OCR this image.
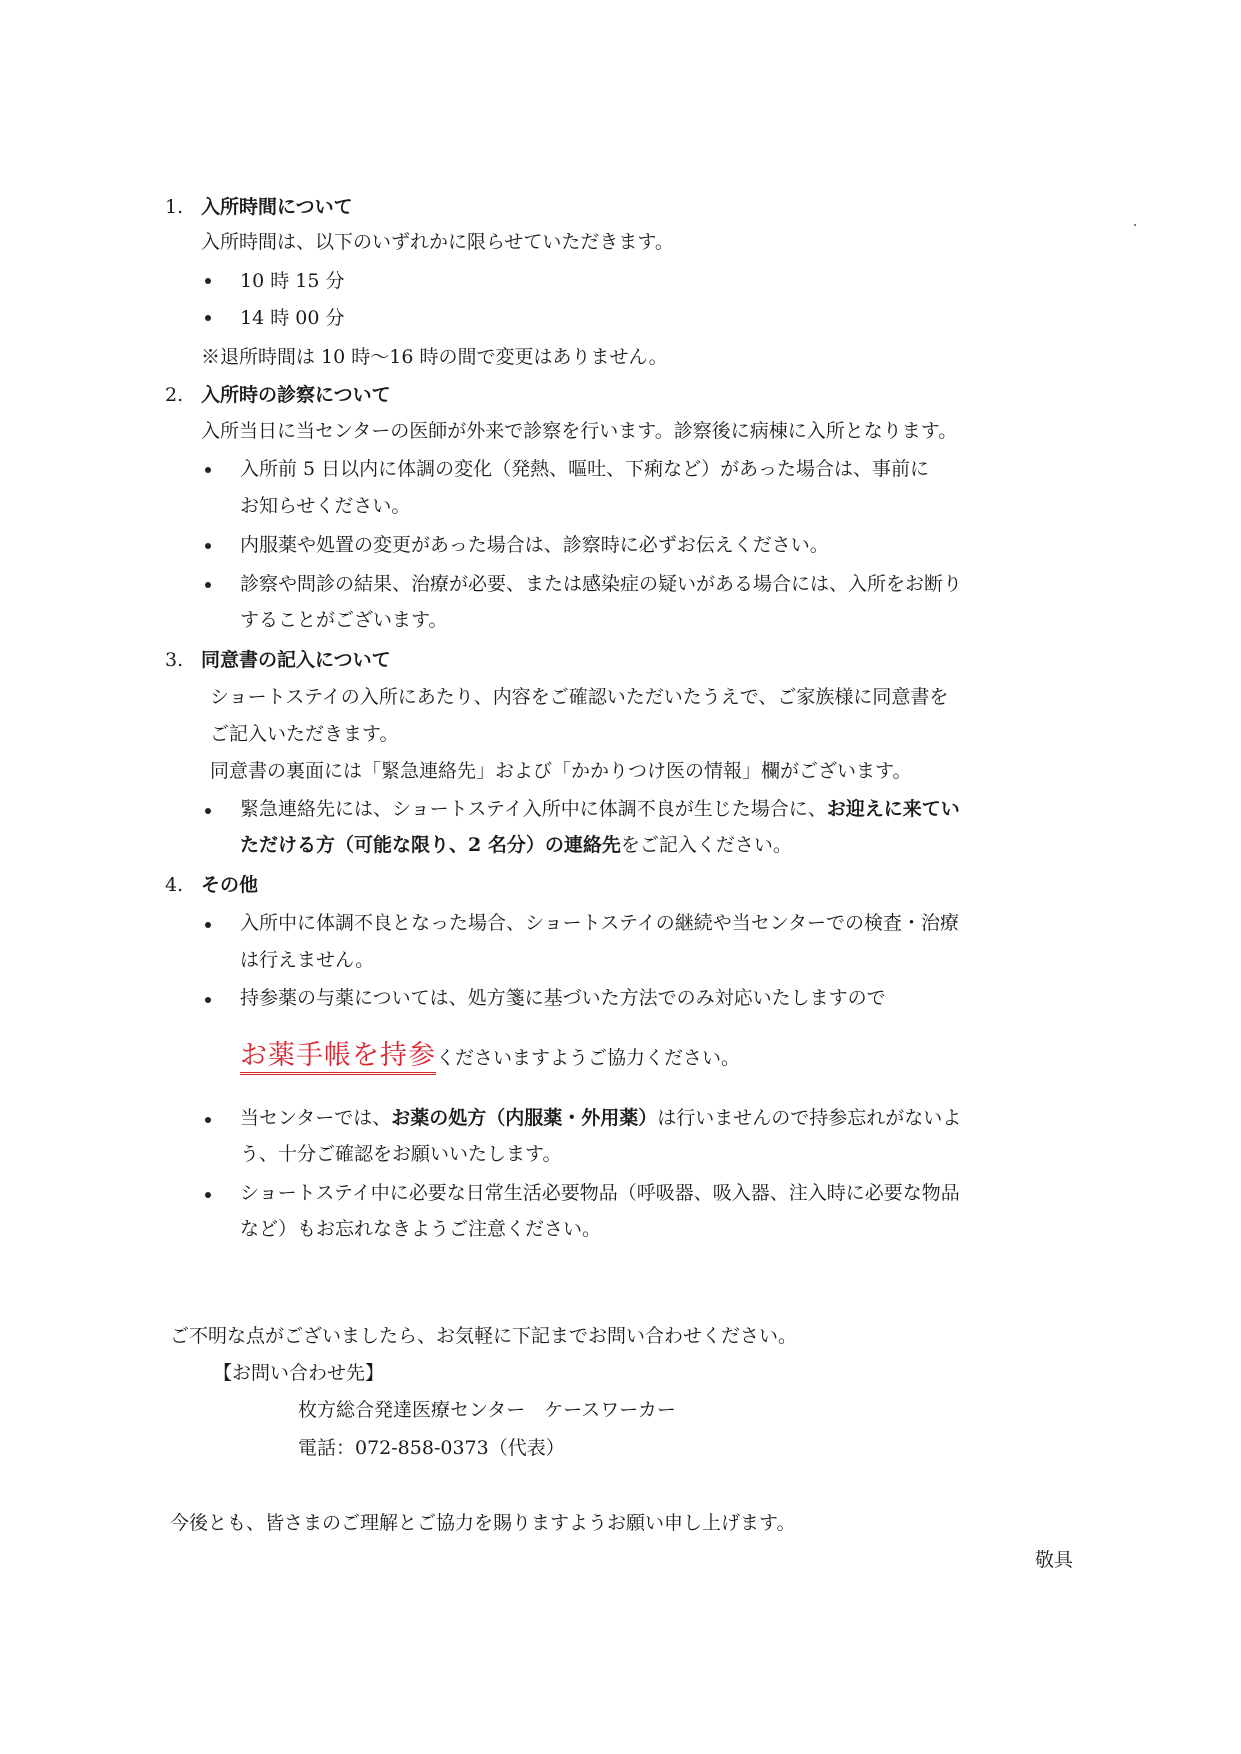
1. 入所時間について
入所時間は、以下のいずれかに限らせていただきます。
10 時 15 分
14 時 00 分
※退所時間は 10 時～16 時の間で変更はありません。
2. 入所時の診察について
入所当日に当センターの医師が外来で診察を行います。診察後に病棟に入所となります。
入所前 5 日以内に体調の変化（発熱、嘔吐、下痢など）があった場合は、事前に
お知らせください。
内服薬や処置の変更があった場合は、診察時に必ずお伝えください。
診察や問診の結果、治療が必要、または感染症の疑いがある場合には、入所をお断り
することがございます。
3. 同意書の記入について
ショートステイの入所にあたり、内容をご確認いただいたうえで、ご家族様に同意書を
ご記入いただきます。
同意書の裏面には「緊急連絡先」および「かかりつけ医の情報」欄がございます。
緊急連絡先には、ショートステイ入所中に体調不良が生じた場合に、お迎えに来てい
ただける方（可能な限り、2 名分）の連絡先をご記入ください。
4. その他
入所中に体調不良となった場合、ショートステイの継続や当センターでの検査・治療
は行えません。
持参薬の与薬については、処方箋に基づいた方法でのみ対応いたしますので
お薬手帳を持参くださいますようご協力ください。
当センターでは、お薬の処方（内服薬・外用薬）は行いませんので持参忘れがないよ
う、十分ご確認をお願いいたします。
ショートステイ中に必要な日常生活必要物品（呼吸器、吸入器、注入時に必要な物品
など）もお忘れなきようご注意ください。
ご不明な点がございましたら、お気軽に下記までお問い合わせください。
【お問い合わせ先】
枚方総合発達医療センター　ケースワーカー
電話：072-858-0373（代表）
今後とも、皆さまのご理解とご協力を賜りますようお願い申し上げます。
敬具
